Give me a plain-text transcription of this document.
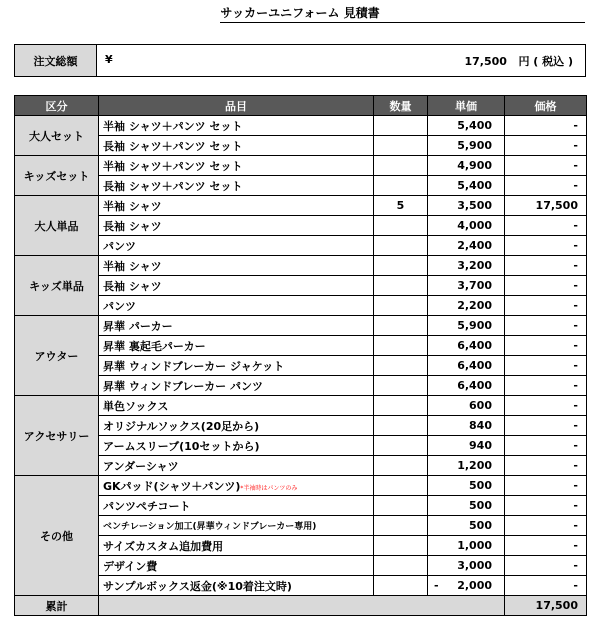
サッカーユニフォーム 見積書
注文総額	¥	17,500 円 ( 税込 )
区分	品目	数量	単価	価格
大人セット	半袖 シャツ＋パンツ セット		5,400	-
	長袖 シャツ＋パンツ セット		5,900	-
キッズセット	半袖 シャツ＋パンツ セット		4,900	-
	長袖 シャツ＋パンツ セット		5,400	-
大人単品	半袖 シャツ	5	3,500	17,500
	長袖 シャツ		4,000	-
	パンツ		2,400	-
キッズ単品	半袖 シャツ		3,200	-
	長袖 シャツ		3,700	-
	パンツ		2,200	-
アウター	昇華 パーカー		5,900	-
	昇華 裏起毛パーカー		6,400	-
	昇華 ウィンドブレーカー ジャケット		6,400	-
	昇華 ウィンドブレーカー パンツ		6,400	-
アクセサリー	単色ソックス		600	-
	オリジナルソックス(20足から)		840	-
	アームスリーブ(10セットから)		940	-
	アンダーシャツ		1,200	-
その他	GKパッド(シャツ＋パンツ)*半袖時はパンツのみ		500	-
	パンツペチコート		500	-
	ベンチレーション加工(昇華ウィンドブレーカー専用)		500	-
	サイズカスタム追加費用		1,000	-
	デザイン費		3,000	-
	サンプルボックス返金(※10着注文時)		- 2,000	-
累計				17,500
